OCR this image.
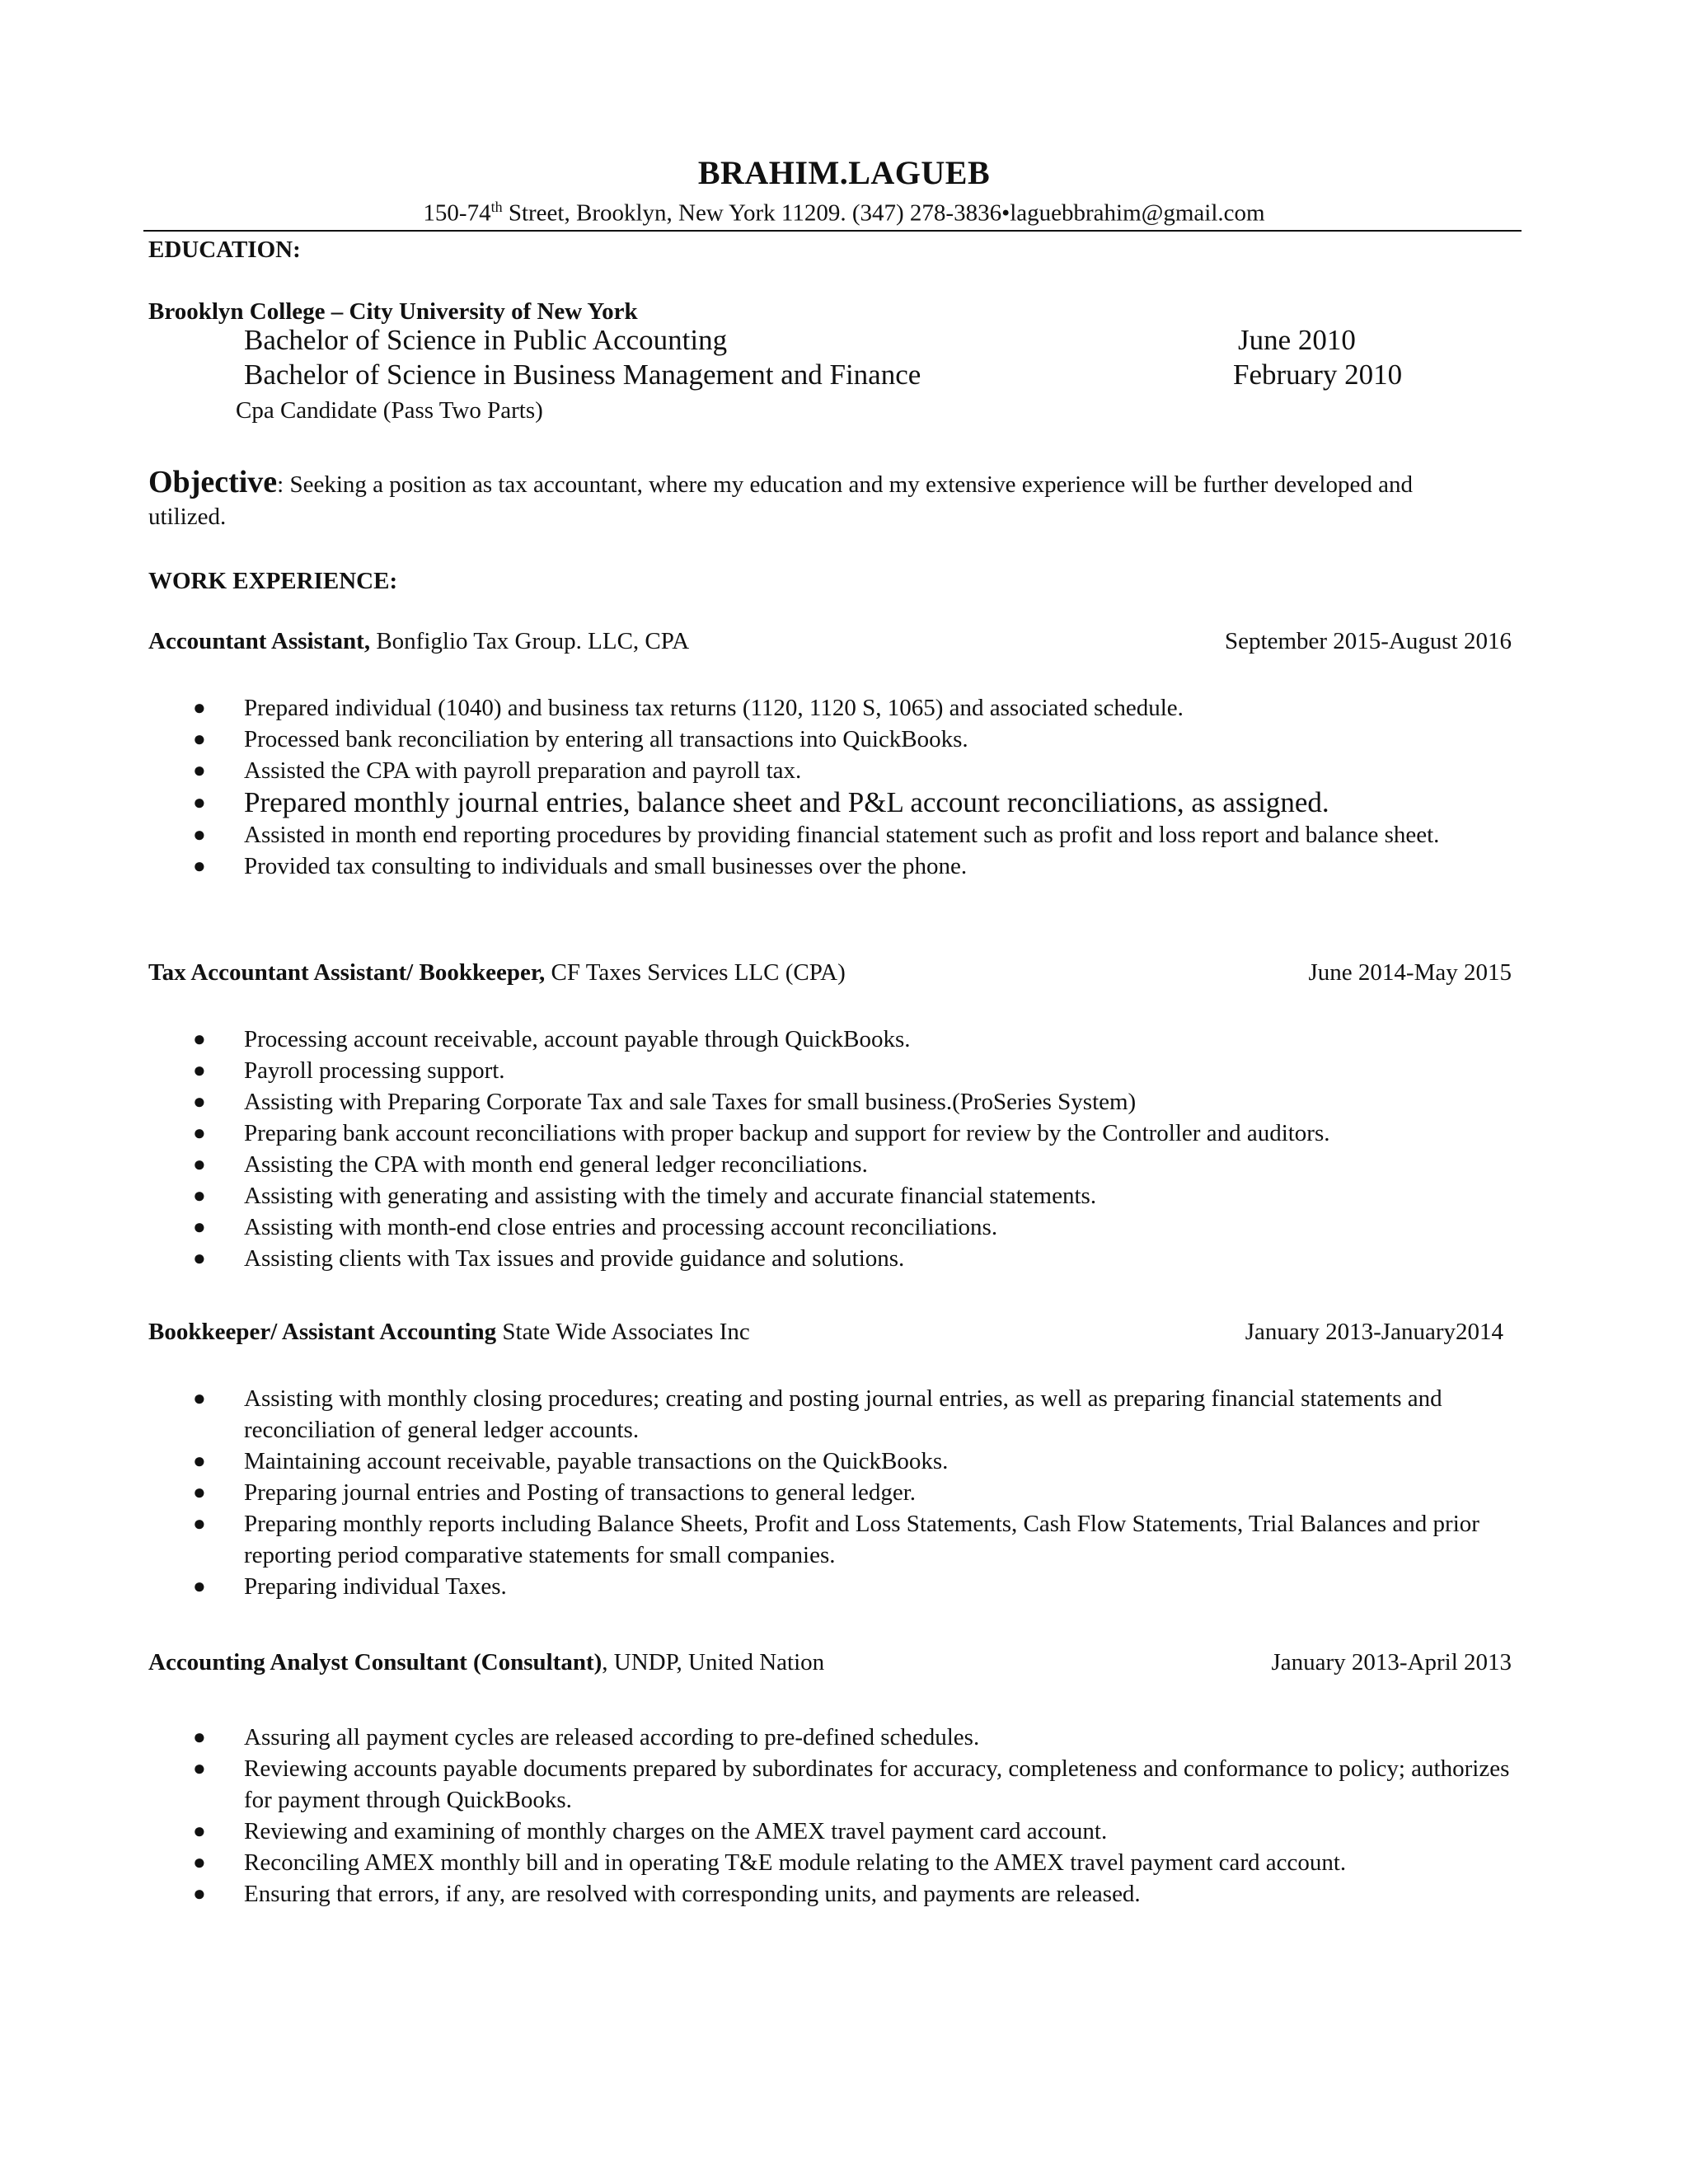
BRAHIM.LAGUEB
150-74th Street, Brooklyn, New York 11209. (347) 278-3836•laguebbrahim@gmail.com
EDUCATION:
Brooklyn College – City University of New York
Bachelor of Science in Public Accounting	June 2010
Bachelor of Science in Business Management and Finance	February 2010
Cpa Candidate (Pass Two Parts)
Objective: Seeking a position as tax accountant, where my education and my extensive experience will be further developed and utilized.
WORK EXPERIENCE:
Accountant Assistant, Bonfiglio Tax Group. LLC, CPA	September 2015-August 2016
● Prepared individual (1040) and business tax returns (1120, 1120 S, 1065) and associated schedule.
● Processed bank reconciliation by entering all transactions into QuickBooks.
● Assisted the CPA with payroll preparation and payroll tax.
● Prepared monthly journal entries, balance sheet and P&L account reconciliations, as assigned.
● Assisted in month end reporting procedures by providing financial statement such as profit and loss report and balance sheet.
● Provided tax consulting to individuals and small businesses over the phone.
Tax Accountant Assistant/ Bookkeeper, CF Taxes Services LLC (CPA)	June 2014-May 2015
● Processing account receivable, account payable through QuickBooks.
● Payroll processing support.
● Assisting with Preparing Corporate Tax and sale Taxes for small business.(ProSeries System)
● Preparing bank account reconciliations with proper backup and support for review by the Controller and auditors.
● Assisting the CPA with month end general ledger reconciliations.
● Assisting with generating and assisting with the timely and accurate financial statements.
● Assisting with month-end close entries and processing account reconciliations.
● Assisting clients with Tax issues and provide guidance and solutions.
Bookkeeper/ Assistant Accounting State Wide Associates Inc	January 2013-January2014
● Assisting with monthly closing procedures; creating and posting journal entries, as well as preparing financial statements and reconciliation of general ledger accounts.
● Maintaining account receivable, payable transactions on the QuickBooks.
● Preparing journal entries and Posting of transactions to general ledger.
● Preparing monthly reports including Balance Sheets, Profit and Loss Statements, Cash Flow Statements, Trial Balances and prior reporting period comparative statements for small companies.
● Preparing individual Taxes.
Accounting Analyst Consultant (Consultant), UNDP, United Nation	January 2013-April 2013
● Assuring all payment cycles are released according to pre-defined schedules.
● Reviewing accounts payable documents prepared by subordinates for accuracy, completeness and conformance to policy; authorizes for payment through QuickBooks.
● Reviewing and examining of monthly charges on the AMEX travel payment card account.
● Reconciling AMEX monthly bill and in operating T&E module relating to the AMEX travel payment card account.
● Ensuring that errors, if any, are resolved with corresponding units, and payments are released.
